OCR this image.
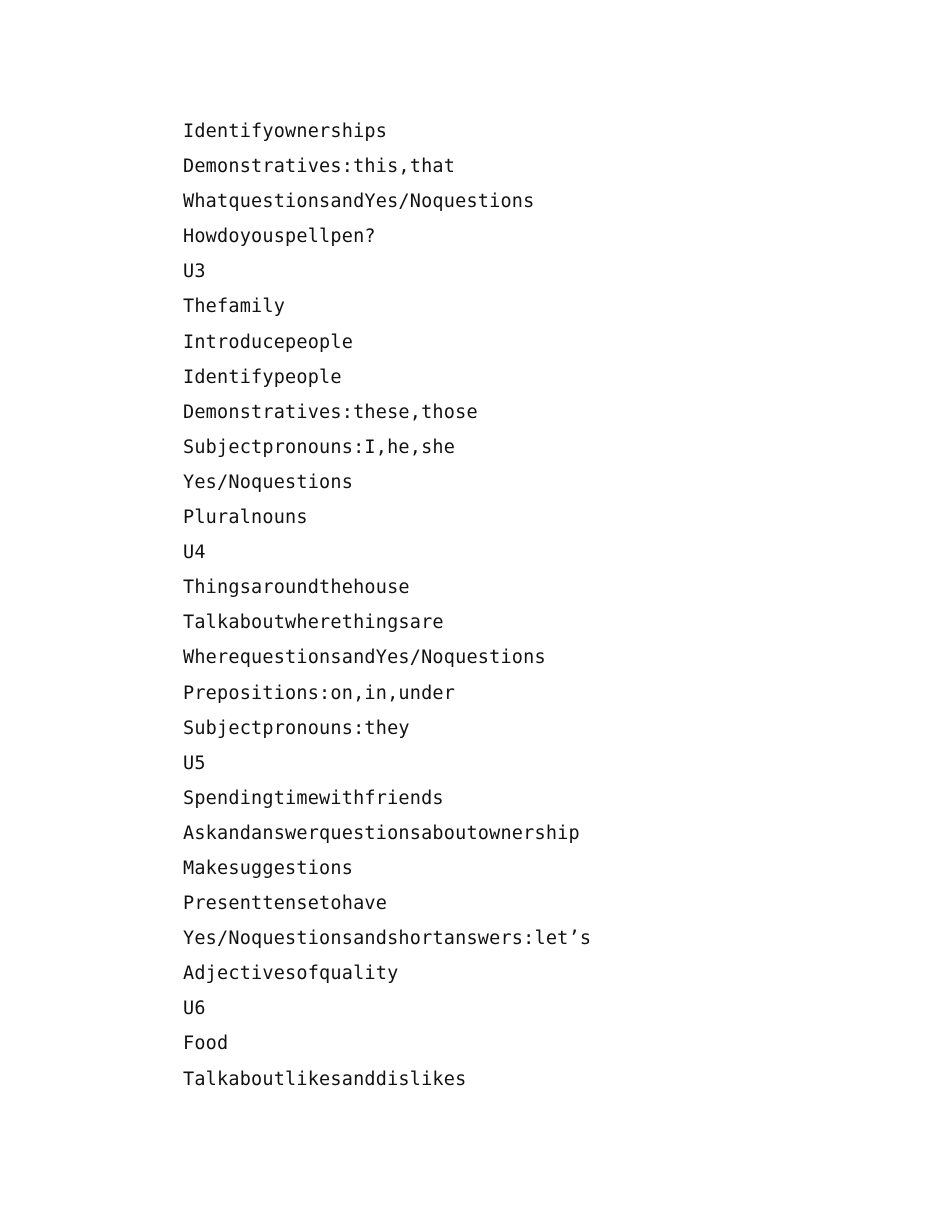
Identifyownerships
Demonstratives:this,that
WhatquestionsandYes/Noquestions
Howdoyouspellpen?
U3
Thefamily
Introducepeople
Identifypeople
Demonstratives:these,those
Subjectpronouns:I,he,she
Yes/Noquestions
Pluralnouns
U4
Thingsaroundthehouse
Talkaboutwherethingsare
WherequestionsandYes/Noquestions
Prepositions:on,in,under
Subjectpronouns:they
U5
Spendingtimewithfriends
Askandanswerquestionsaboutownership
Makesuggestions
Presenttensetohave
Yes/Noquestionsandshortanswers:let’s
Adjectivesofquality
U6
Food
Talkaboutlikesanddislikes
